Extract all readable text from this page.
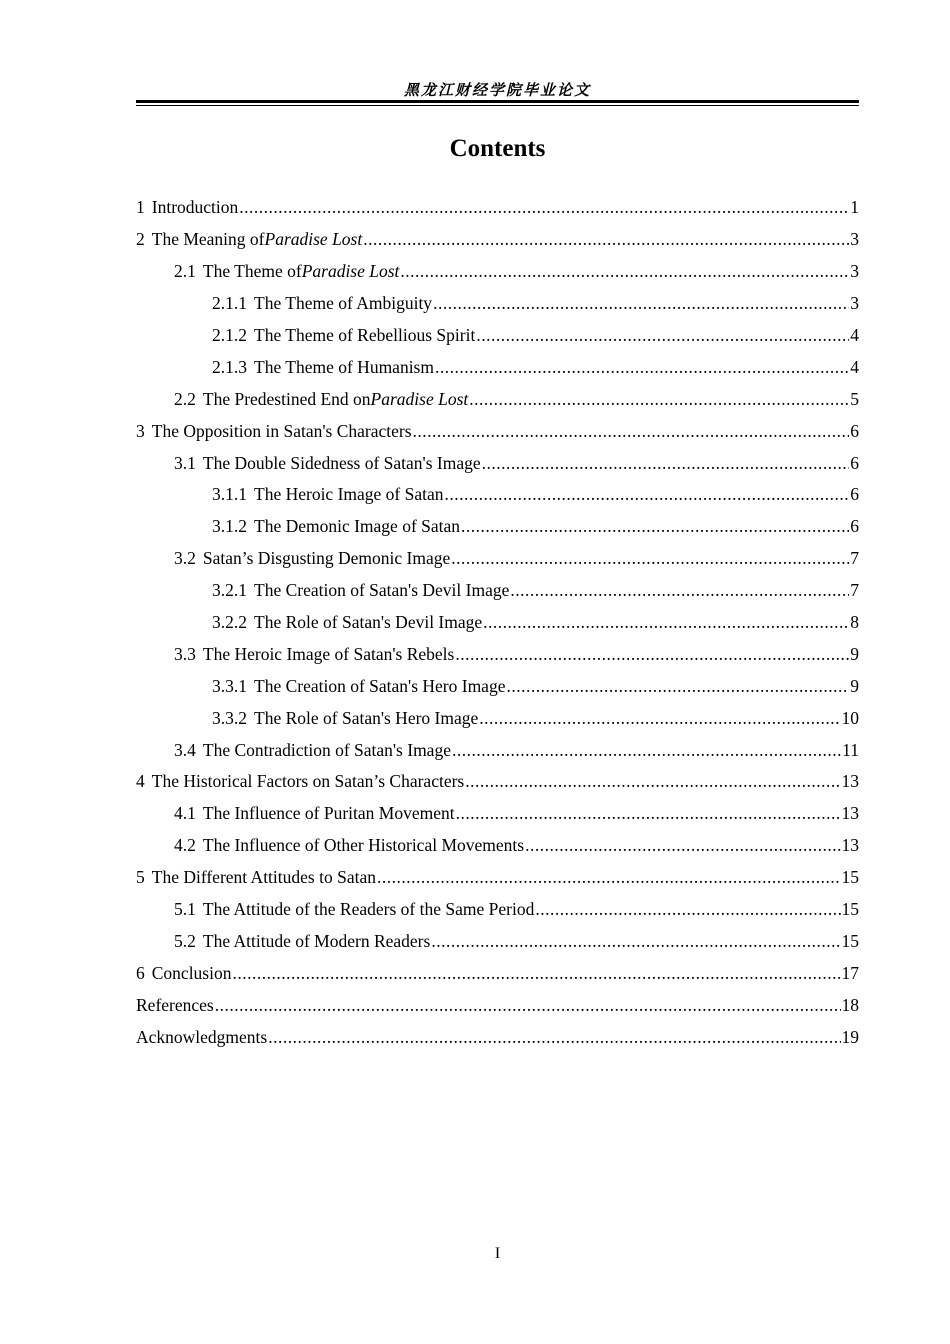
黑龙江财经学院毕业论文
Contents
1 Introduction .....	1
2 The Meaning of Paradise Lost .....	3
2.1 The Theme of Paradise Lost .....	3
2.1.1 The Theme of Ambiguity .....	3
2.1.2 The Theme of Rebellious Spirit .....	4
2.1.3 The Theme of Humanism .....	4
2.2 The Predestined End on Paradise Lost .....	5
3 The Opposition in Satan's Characters .....	6
3.1 The Double Sidedness of Satan's Image .....	6
3.1.1 The Heroic Image of Satan .....	6
3.1.2 The Demonic Image of Satan .....	6
3.2 Satan’s Disgusting Demonic Image .....	7
3.2.1 The Creation of Satan's Devil Image .....	7
3.2.2 The Role of Satan's Devil Image .....	8
3.3 The Heroic Image of Satan's Rebels .....	9
3.3.1 The Creation of Satan's Hero Image .....	9
3.3.2 The Role of Satan's Hero Image .....	10
3.4 The Contradiction of Satan's Image .....	11
4 The Historical Factors on Satan’s Characters .....	13
4.1 The Influence of Puritan Movement .....	13
4.2 The Influence of Other Historical Movements .....	13
5 The Different Attitudes to Satan .....	15
5.1 The Attitude of the Readers of the Same Period .....	15
5.2 The Attitude of Modern Readers .....	15
6 Conclusion .....	17
References .....	18
Acknowledgments .....	19
I
